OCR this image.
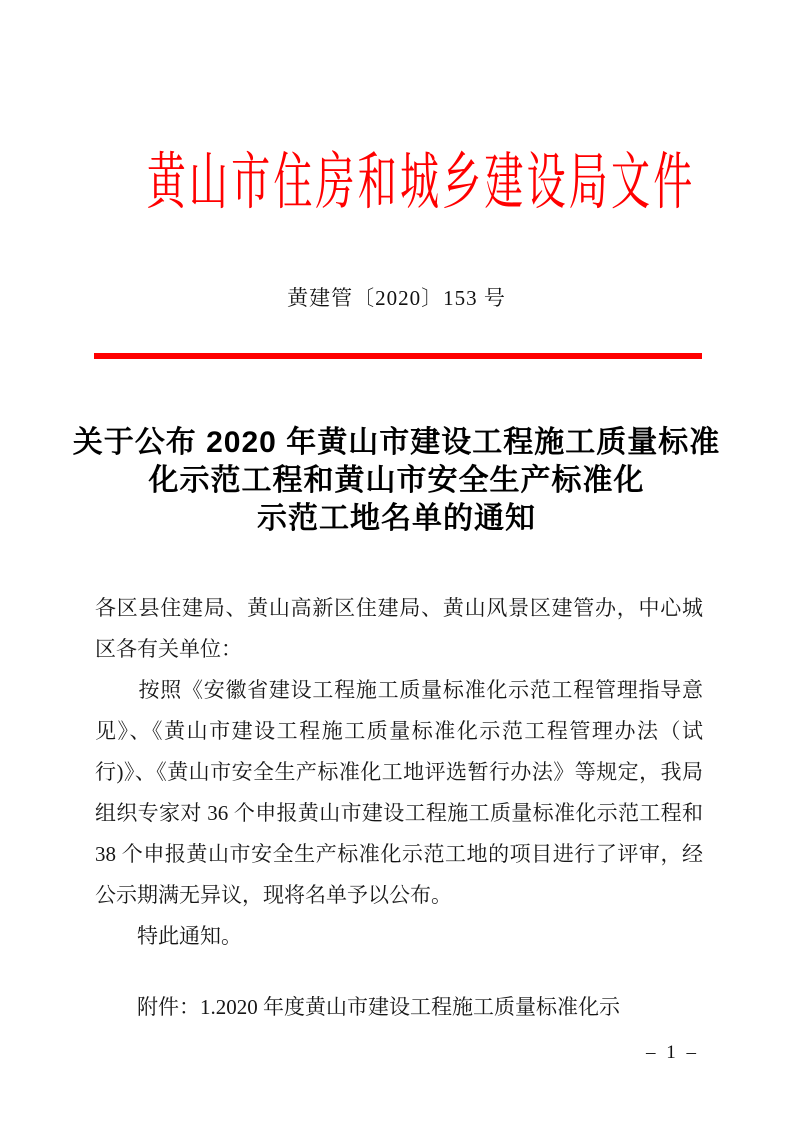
黄山市住房和城乡建设局文件
黄建管〔2020〕153 号
关于公布 2020 年黄山市建设工程施工质量标准
化示范工程和黄山市安全生产标准化
示范工地名单的通知
各区县住建局、黄山高新区住建局、黄山风景区建管办，中心城
区各有关单位：
　　按照《安徽省建设工程施工质量标准化示范工程管理指导意
见》、《黄山市建设工程施工质量标准化示范工程管理办法（试
行)》、《黄山市安全生产标准化工地评选暂行办法》等规定，我局
组织专家对 36 个申报黄山市建设工程施工质量标准化示范工程和
38 个申报黄山市安全生产标准化示范工地的项目进行了评审，经
公示期满无异议，现将名单予以公布。
　　特此通知。
　　附件：1.2020 年度黄山市建设工程施工质量标准化示
– 1 –
